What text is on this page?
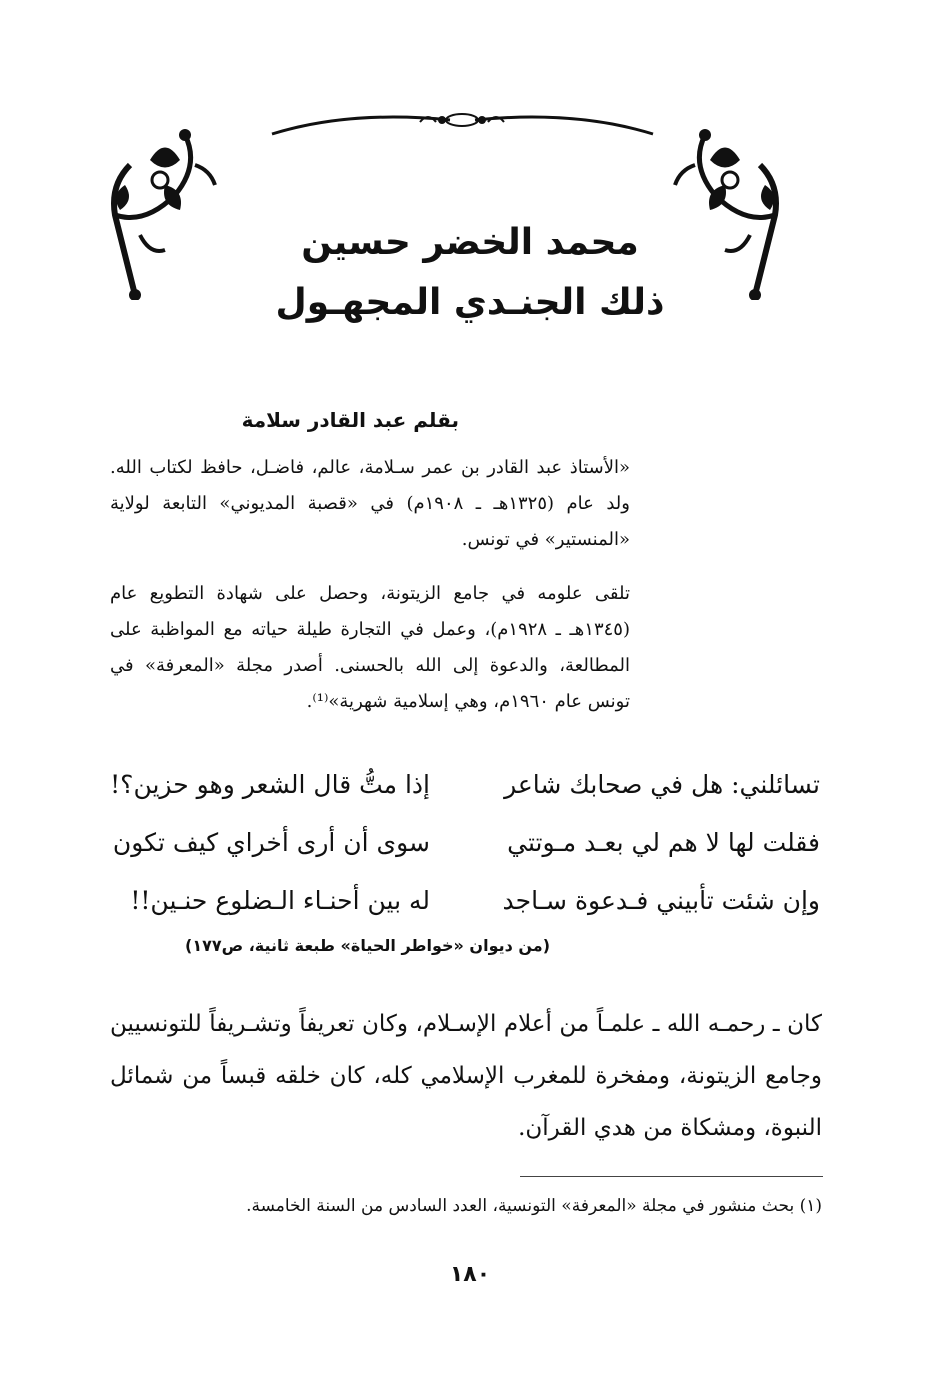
محمد الخضر حسين
ذلك الجنـدي المجهـول
بقلم عبد القادر سلامة

«الأستاذ عبد القادر بن عمر سـلامة، عالم، فاضـل، حافظ لكتاب الله. ولد عام (١٣٢٥هـ ـ ١٩٠٨م) في «قصبة المديوني» التابعة لولاية «المنستير» في تونس.

تلقى علومه في جامع الزيتونة، وحصل على شهادة التطويع عام (١٣٤٥هـ ـ ١٩٢٨م)، وعمل في التجارة طيلة حياته مع المواظبة على المطالعة، والدعوة إلى الله بالحسنى. أصدر مجلة «المعرفة» في تونس عام ١٩٦٠م، وهي إسلامية شهرية»⁽¹⁾.

تسائلني: هل في صحابك شاعر
إذا متُّ قال الشعر وهو حزين؟!
فقلت لها لا هم لي بعـد مـوتتي
سوى أن أرى أخراي كيف تكون
وإن شئت تأبيني فـدعوة سـاجد
له بين أحنـاء الـضلوع حنـين!!
(من ديوان «خواطر الحياة» طبعة ثانية، ص١٧٧)

كان ـ رحمـه الله ـ علمـاً من أعلام الإسـلام، وكان تعريفاً وتشـريفاً للتونسيين وجامع الزيتونة، ومفخرة للمغرب الإسلامي كله، كان خلقه قبساً من شمائل النبوة، ومشكاة من هدي القرآن.

(١) بحث منشور في مجلة «المعرفة» التونسية، العدد السادس من السنة الخامسة.
١٨٠
